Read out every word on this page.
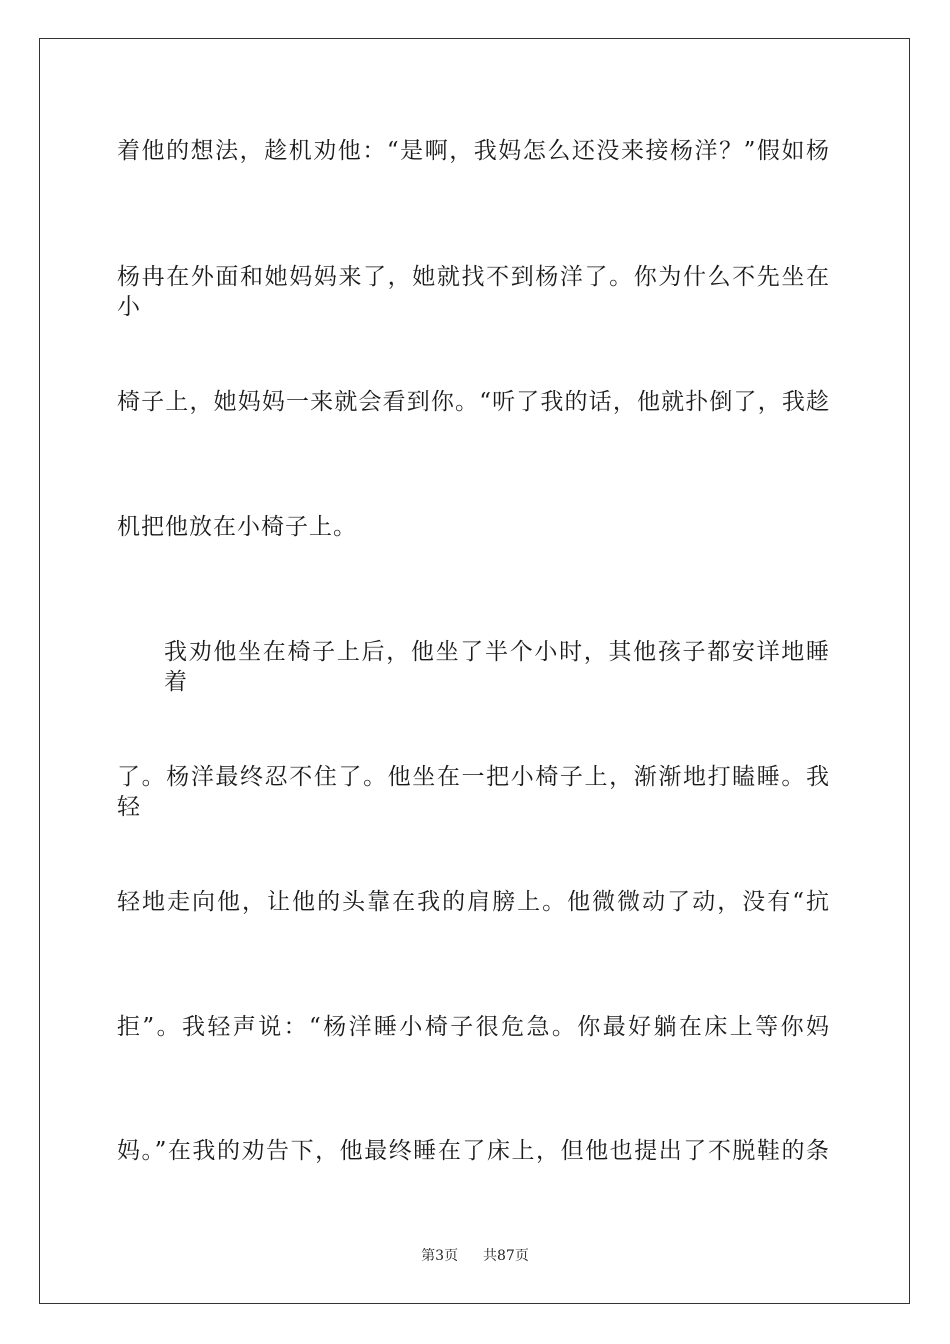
着他的想法，趁机劝他：“是啊，我妈怎么还没来接杨洋？”假如杨
杨冉在外面和她妈妈来了，她就找不到杨洋了。你为什么不先坐在小
椅子上，她妈妈一来就会看到你。“听了我的话，他就扑倒了，我趁
机把他放在小椅子上。
我劝他坐在椅子上后，他坐了半个小时，其他孩子都安详地睡着
了。杨洋最终忍不住了。他坐在一把小椅子上，渐渐地打瞌睡。我轻
轻地走向他，让他的头靠在我的肩膀上。他微微动了动，没有“抗
拒”。我轻声说：“杨洋睡小椅子很危急。你最好躺在床上等你妈
妈。”在我的劝告下，他最终睡在了床上，但他也提出了不脱鞋的条
第3页 共87页
